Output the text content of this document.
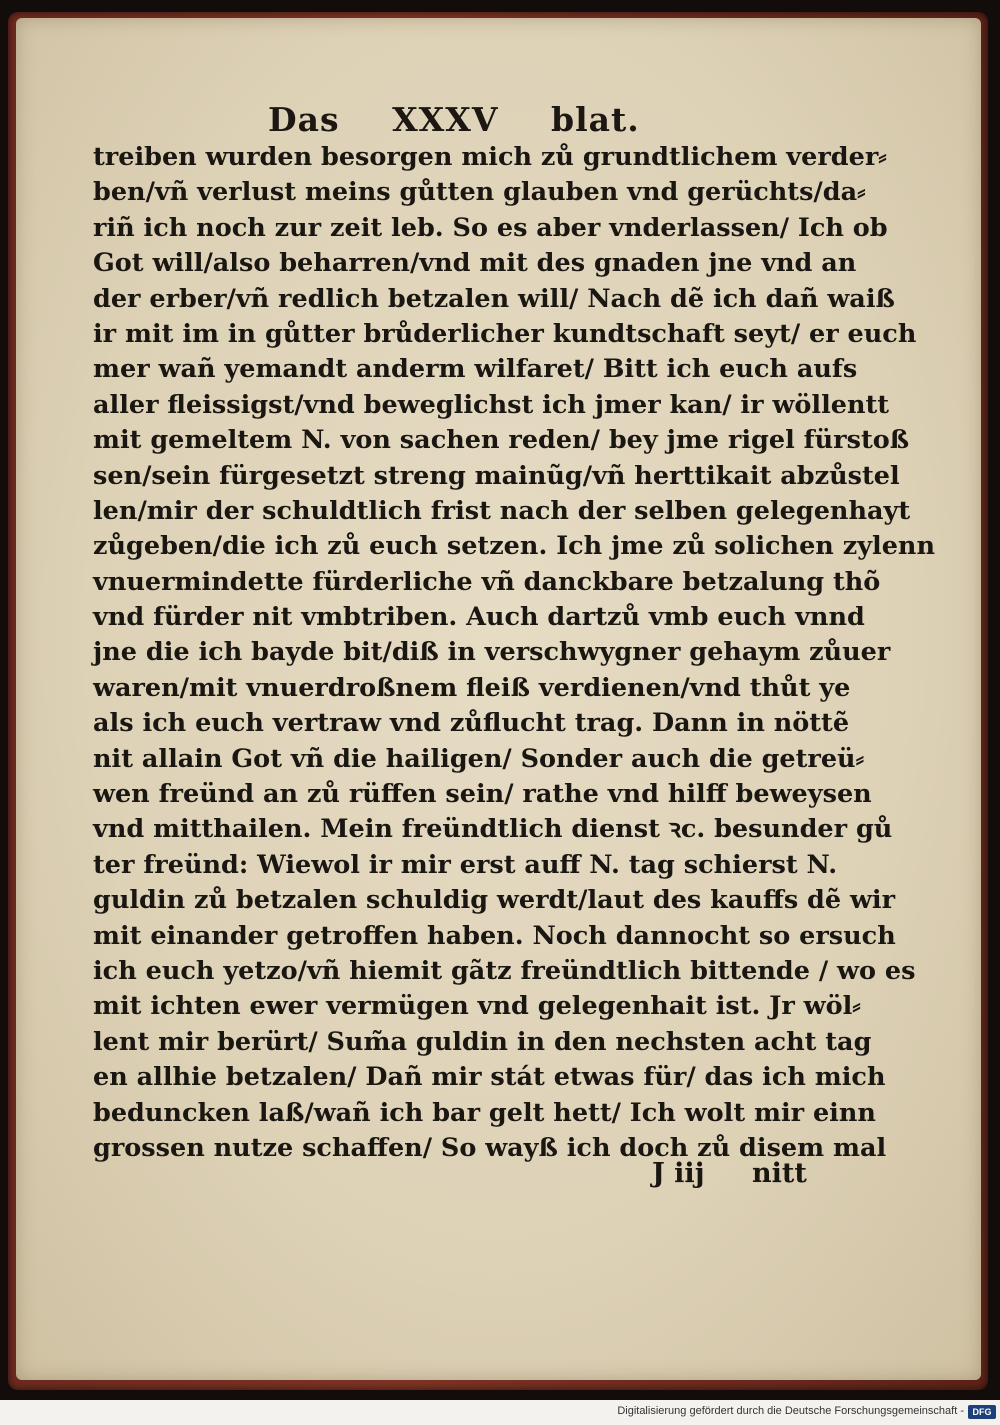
Das XXXV blat.
treiben wurden besorgen mich zů grundtlichem verder⸗
ben/vñ verlust meins gůtten glauben vnd gerüchts/da⸗
riñ ich noch zur zeit leb. So es aber vnderlassen/ Ich ob
Got will/also beharren/vnd mit des gnaden jne vnd an
der erber/vñ redlich betzalen will/ Nach dẽ ich dañ waiß
ir mit im in gůtter brůderlicher kundtschaft seyt/ er euch
mer wañ yemandt anderm wilfaret/ Bitt ich euch aufs
aller fleissigst/vnd beweglichst ich jmer kan/ ir wöllentt
mit gemeltem N. von sachen reden/ bey jme rigel fürstoß
sen/sein fürgesetzt streng mainũg/vñ herttikait abzůstel
len/mir der schuldtlich frist nach der selben gelegenhayt
zůgeben/die ich zů euch setzen. Ich jme zů solichen zylenn
vnuermindette fürderliche vñ danckbare betzalung thõ
vnd fürder nit vmbtriben. Auch dartzů vmb euch vnnd
jne die ich bayde bit/diß in verschwygner gehaym zůuer
waren/mit vnuerdroßnem fleiß verdienen/vnd thůt ye
als ich euch vertraw vnd zůflucht trag. Dann in nöttẽ
nit allain Got vñ die hailigen/ Sonder auch die getreü⸗
wen freünd an zů rüffen sein/ rathe vnd hilff beweysen
vnd mitthailen. Mein freündtlich dienst ꝛc. besunder gů
ter freünd: Wiewol ir mir erst auff N. tag schierst N.
guldin zů betzalen schuldig werdt/laut des kauffs dẽ wir
mit einander getroffen haben. Noch dannocht so ersuch
ich euch yetzo/vñ hiemit gãtz freündtlich bittende / wo es
mit ichten ewer vermügen vnd gelegenhait ist. Jr wöl⸗
lent mir berürt/ Sum̃a guldin in den nechsten acht tag
en allhie betzalen/ Dañ mir stát etwas für/ das ich mich
beduncken laß/wañ ich bar gelt hett/ Ich wolt mir einn
grossen nutze schaffen/ So wayß ich doch zů disem mal
J iij nitt
Digitalisierung gefördert durch die Deutsche Forschungsgemeinschaft - DFG
